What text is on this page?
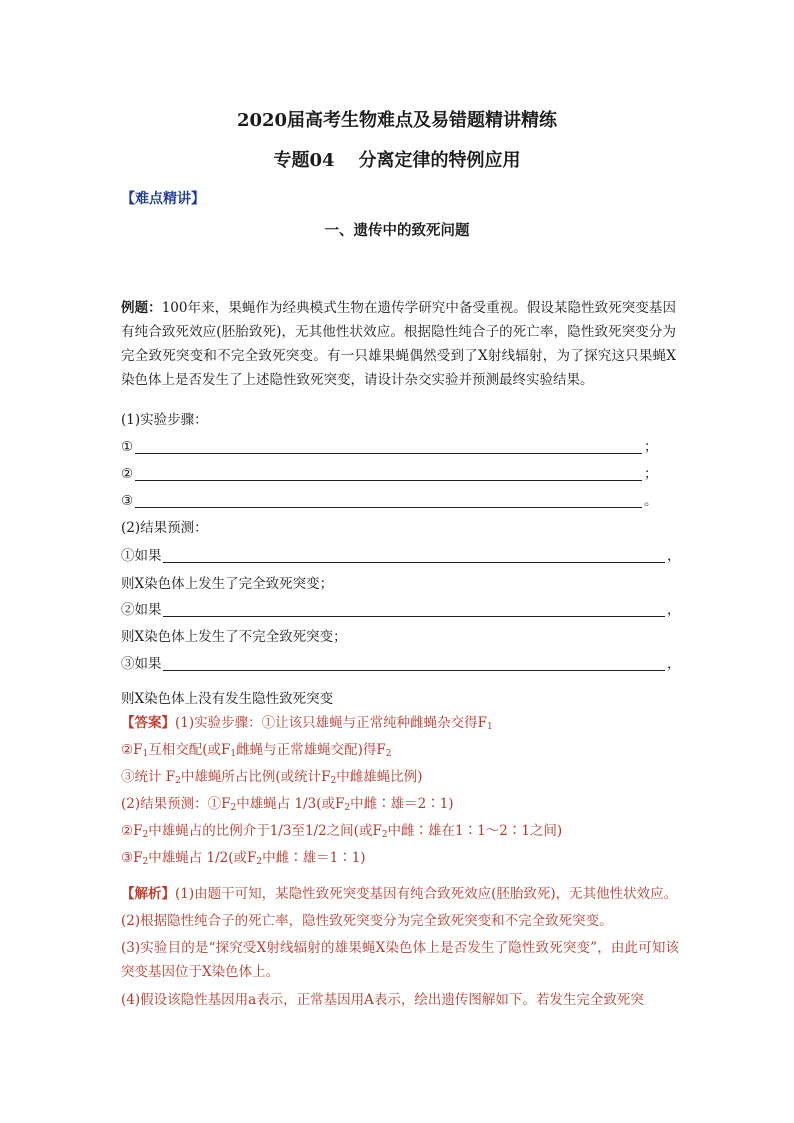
2020届高考生物难点及易错题精讲精练
专题04 分离定律的特例应用
【难点精讲】
一、遗传中的致死问题
例题：100年来，果蝇作为经典模式生物在遗传学研究中备受重视。假设某隐性致死突变基因有纯合致死效应(胚胎致死)，无其他性状效应。根据隐性纯合子的死亡率，隐性致死突变分为完全致死突变和不完全致死突变。有一只雄果蝇偶然受到了X射线辐射，为了探究这只果蝇X染色体上是否发生了上述隐性致死突变，请设计杂交实验并预测最终实验结果。
(1)实验步骤：
①	；
②	；
③	。
(2)结果预测：
①如果	，
则X染色体上发生了完全致死突变；
②如果	，
则X染色体上发生了不完全致死突变；
③如果	，
则X染色体上没有发生隐性致死突变
【答案】(1)实验步骤：①让该只雄蝇与正常纯种雌蝇杂交得$F_1$
$②F_1$互相交配(或$F_1$雌蝇与正常雄蝇交配)得$F_2$
③统计 $F_2$中雄蝇所占比例(或统计$F_2$中雌雄蝇比例)
(2)结果预测：$①F_2$中雄蝇占 1/3(或$F_2$中雌∶雄＝2∶1)
$②F_2$中雄蝇占的比例介于1/3至1/2之间(或$F_2$中雌∶雄在1∶1～2∶1之间)
$③F_2$中雄蝇占 1/2(或$F_2$中雌∶雄＝1∶1)
【解析】(1)由题干可知，某隐性致死突变基因有纯合致死效应(胚胎致死)，无其他性状效应。
(2)根据隐性纯合子的死亡率，隐性致死突变分为完全致死突变和不完全致死突变。
(3)实验目的是“探究受X射线辐射的雄果蝇X染色体上是否发生了隐性致死突变”，由此可知该突变基因位于X染色体上。
(4)假设该隐性基因用a表示，正常基因用A表示，绘出遗传图解如下。若发生完全致死突
